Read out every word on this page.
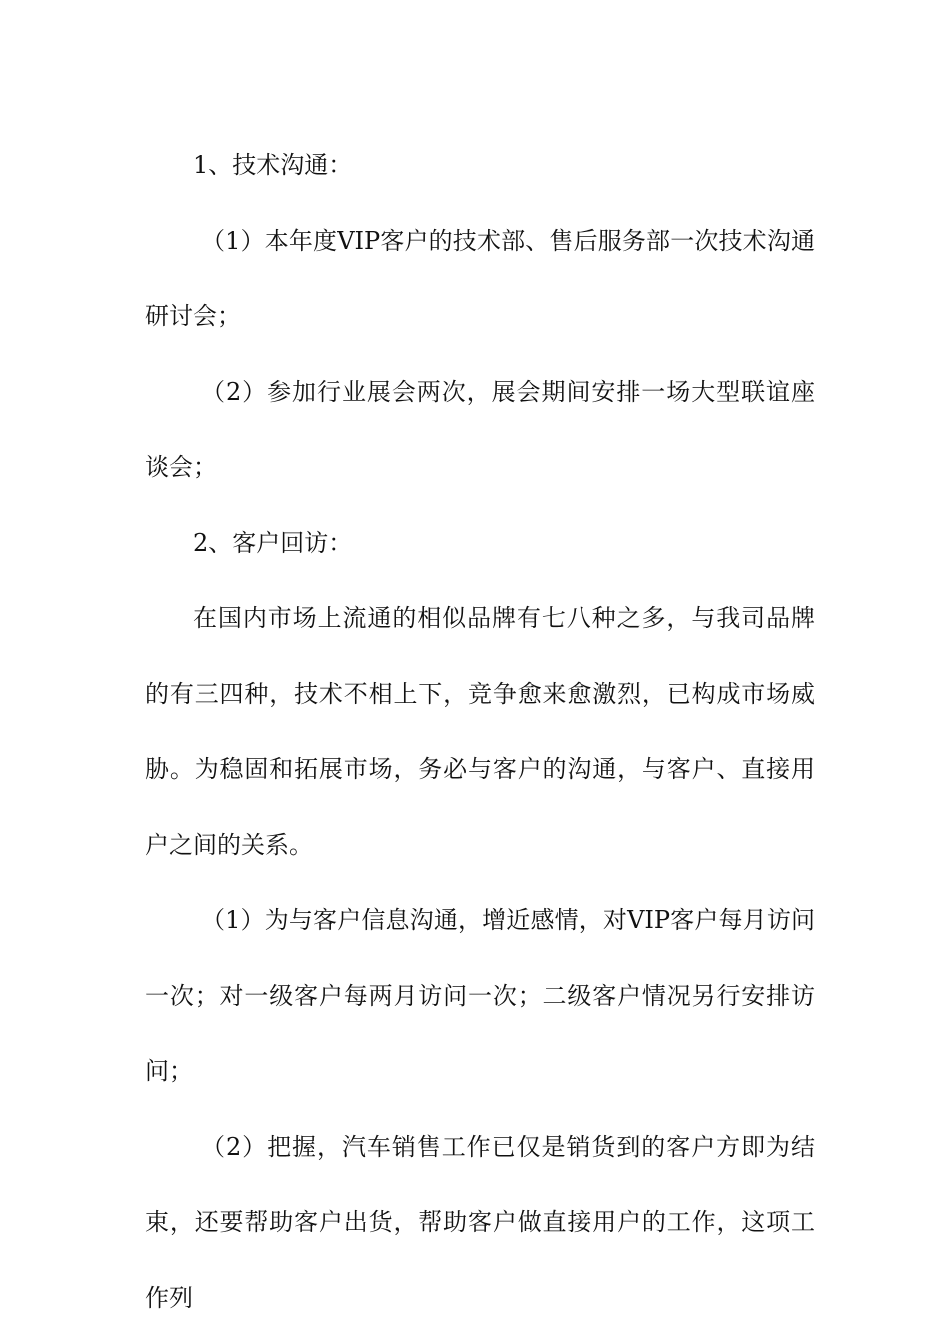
1、技术沟通：

（1）本年度VIP客户的技术部、售后服务部一次技术沟通研讨会；

（2）参加行业展会两次，展会期间安排一场大型联谊座谈会；

2、客户回访：

在国内市场上流通的相似品牌有七八种之多，与我司品牌的有三四种，技术不相上下，竞争愈来愈激烈，已构成市场威胁。为稳固和拓展市场，务必与客户的沟通，与客户、直接用户之间的关系。

（1）为与客户信息沟通，增近感情，对VIP客户每月访问一次；对一级客户每两月访问一次；二级客户情况另行安排访问；

（2）把握，汽车销售工作已仅是销货到的客户方即为结束，还要帮助客户出货，帮助客户做直接用户的工作，这项工作列
